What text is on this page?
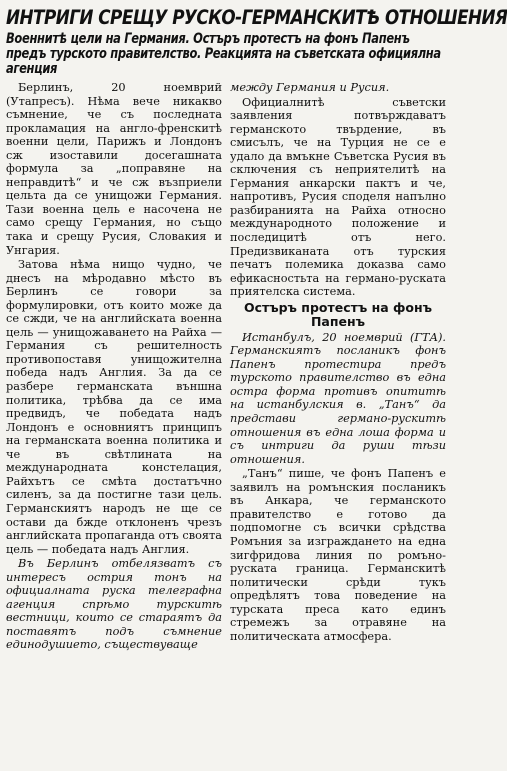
ИНТРИГИ СРЕЩУ РУСКО-ГЕРМАНСКИТѢ ОТНОШЕНИЯ
Военнитѣ цели на Германия. Остъръ протестъ на фонъ Папенъ предъ турското правителство. Реакцията на съветската официялна агенция

Берлинъ, 20 ноемврий (Утапресъ). Нѣма вече никакво съмнение, че съ последната прокламация на англо-френскитѣ военни цели, Парижъ и Лондонъ сж изоставили досегашната формула за „поправяне на неправдитѣ“ и че сж възприели цельта да се унищожи Германия. Тази военна цель е насочена не само срещу Германия, но също така и срещу Русия, Словакия и Унгария.

Затова нѣма нищо чудно, че днесъ на мѣродавно мѣсто въ Берлинъ се говори за формулировки, отъ които може да се сжди, че на английската военна цель — унищожаването на Райха — Германия съ решителность противопоставя унищожителна победа надъ Англия. За да се разбере германската външна политика, трѣбва да се има предвидъ, че победата надъ Лондонъ е основниятъ принципъ на германската военна политика и че въ свѣтлината на международната констелация, Райхътъ се смѣта достатъчно силенъ, за да постигне тази цель. Германскиятъ народъ не ще се остави да бжде отклоненъ чрезъ английската пропаганда отъ своята цель — победата надъ Англия.

Въ Берлинъ отбелязватъ съ интересъ острия тонъ на официалната руска телеграфна агенция спрѣмо турскитѣ вестници, които се стараятъ да поставятъ подъ съмнение единодушието, съществуваще

между Германия и Русия.

Официалнитѣ съветски заявления потвърждаватъ германското твърдение, въ смисълъ, че на Турция не се е удало да вмъкне Съветска Русия въ сключения съ неприятелитѣ на Германия анкарски пактъ и че, напротивъ, Русия споделя напълно разбиранията на Райха относно международното положение и последицитѣ отъ него. Предизвиканата отъ турския печатъ полемика доказва само ефикасностьта на германо-руската приятелска система.

Остъръ протестъ на фонъ Папенъ

Истанбулъ, 20 ноемврий (ГТА). Германскиятъ посланикъ фонъ Папенъ протестира предъ турското правителство въ една остра форма противъ опититѣ на истанбулския в. „Танъ“ да представи германо-рускитѣ отношения въ една лоша форма и съ интриги да руши тѣзи отношения.

„Танъ“ пише, че фонъ Папенъ е заявилъ на ромънския посланикъ въ Анкара, че германското правителство е готово да подпомогне съ всички срѣдства Ромъния за изграждането на една зигфридова линия по ромъно-руската граница. Германскитѣ политически срѣди тукъ опредѣлятъ това поведение на турската преса като единъ стремежъ за отравяне на политическата атмосфера.
